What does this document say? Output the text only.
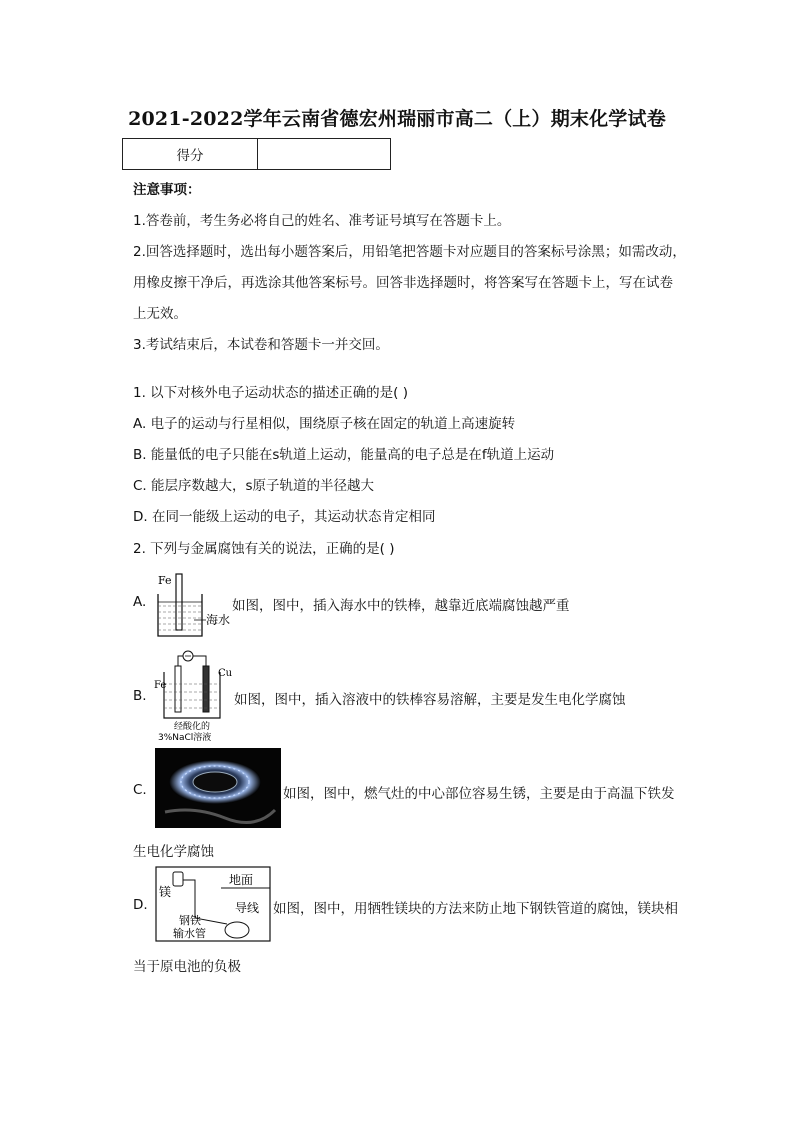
2021-2022学年云南省德宏州瑞丽市高二（上）期末化学试卷
得分	
注意事项：
1.答卷前，考生务必将自己的姓名、准考证号填写在答题卡上。
2.回答选择题时，选出每小题答案后，用铅笔把答题卡对应题目的答案标号涂黑；如需改动，
用橡皮擦干净后，再选涂其他答案标号。回答非选择题时，将答案写在答题卡上，写在试卷
上无效。
3.考试结束后，本试卷和答题卡一并交回。
1. 以下对核外电子运动状态的描述正确的是( )
A. 电子的运动与行星相似，围绕原子核在固定的轨道上高速旋转
B. 能量低的电子只能在s轨道上运动，能量高的电子总是在f轨道上运动
C. 能层序数越大，s原子轨道的半径越大
D. 在同一能级上运动的电子，其运动状态肯定相同
2. 下列与金属腐蚀有关的说法，正确的是( )
A.
Fe
海水
如图，图中，插入海水中的铁棒，越靠近底端腐蚀越严重
B.
Fe
Cu
经酸化的
3%NaCl溶液
如图，图中，插入溶液中的铁棒容易溶解，主要是发生电化学腐蚀
C.	如图，图中，燃气灶的中心部位容易生锈，主要是由于高温下铁发
生电化学腐蚀
D.
镁
地面
导线
钢铁
输水管
如图，图中，用牺牲镁块的方法来防止地下钢铁管道的腐蚀，镁块相
当于原电池的负极
